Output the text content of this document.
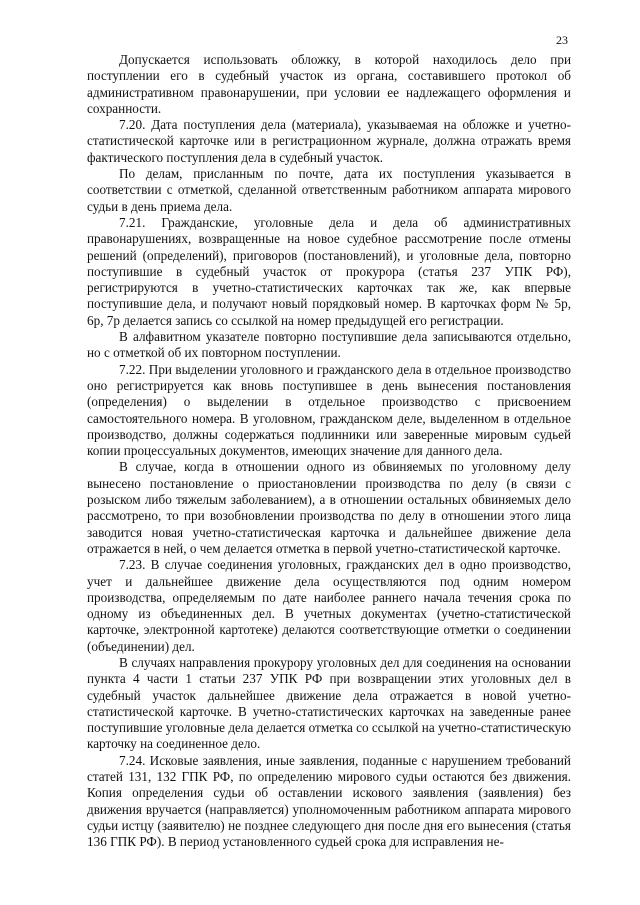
23

Допускается использовать обложку, в которой находилось дело при поступлении его в судебный участок из органа, составившего протокол об административном правонарушении, при условии ее надлежащего оформления и сохранности.

7.20. Дата поступления дела (материала), указываемая на обложке и учетно-статистической карточке или в регистрационном журнале, должна отражать время фактического поступления дела в судебный участок.

По делам, присланным по почте, дата их поступления указывается в соответствии с отметкой, сделанной ответственным работником аппарата мирового судьи в день приема дела.

7.21. Гражданские, уголовные дела и дела об административных правонарушениях, возвращенные на новое судебное рассмотрение после отмены решений (определений), приговоров (постановлений), и уголовные дела, повторно поступившие в судебный участок от прокурора (статья 237 УПК РФ), регистрируются в учетно-статистических карточках так же, как впервые поступившие дела, и получают новый порядковый номер. В карточках форм № 5р, 6р, 7р делается запись со ссылкой на номер предыдущей его регистрации.

В алфавитном указателе повторно поступившие дела записываются отдельно, но с отметкой об их повторном поступлении.

7.22. При выделении уголовного и гражданского дела в отдельное производство оно регистрируется как вновь поступившее в день вынесения постановления (определения) о выделении в отдельное производство с присвоением самостоятельного номера. В уголовном, гражданском деле, выделенном в отдельное производство, должны содержаться подлинники или заверенные мировым судьей копии процессуальных документов, имеющих значение для данного дела.

В случае, когда в отношении одного из обвиняемых по уголовному делу вынесено постановление о приостановлении производства по делу (в связи с розыском либо тяжелым заболеванием), а в отношении остальных обвиняемых дело рассмотрено, то при возобновлении производства по делу в отношении этого лица заводится новая учетно-статистическая карточка и дальнейшее движение дела отражается в ней, о чем делается отметка в первой учетно-статистической карточке.

7.23. В случае соединения уголовных, гражданских дел в одно производство, учет и дальнейшее движение дела осуществляются под одним номером производства, определяемым по дате наиболее раннего начала течения срока по одному из объединенных дел. В учетных документах (учетно-статистической карточке, электронной картотеке) делаются соответствующие отметки о соединении (объединении) дел.

В случаях направления прокурору уголовных дел для соединения на основании пункта 4 части 1 статьи 237 УПК РФ при возвращении этих уголовных дел в судебный участок дальнейшее движение дела отражается в новой учетно-статистической карточке. В учетно-статистических карточках на заведенные ранее поступившие уголовные дела делается отметка со ссылкой на учетно-статистическую карточку на соединенное дело.

7.24. Исковые заявления, иные заявления, поданные с нарушением требований статей 131, 132 ГПК РФ, по определению мирового судьи остаются без движения. Копия определения судьи об оставлении искового заявления (заявления) без движения вручается (направляется) уполномоченным работником аппарата мирового судьи истцу (заявителю) не позднее следующего дня после дня его вынесения (статья 136 ГПК РФ). В период установленного судьей срока для исправления не-
